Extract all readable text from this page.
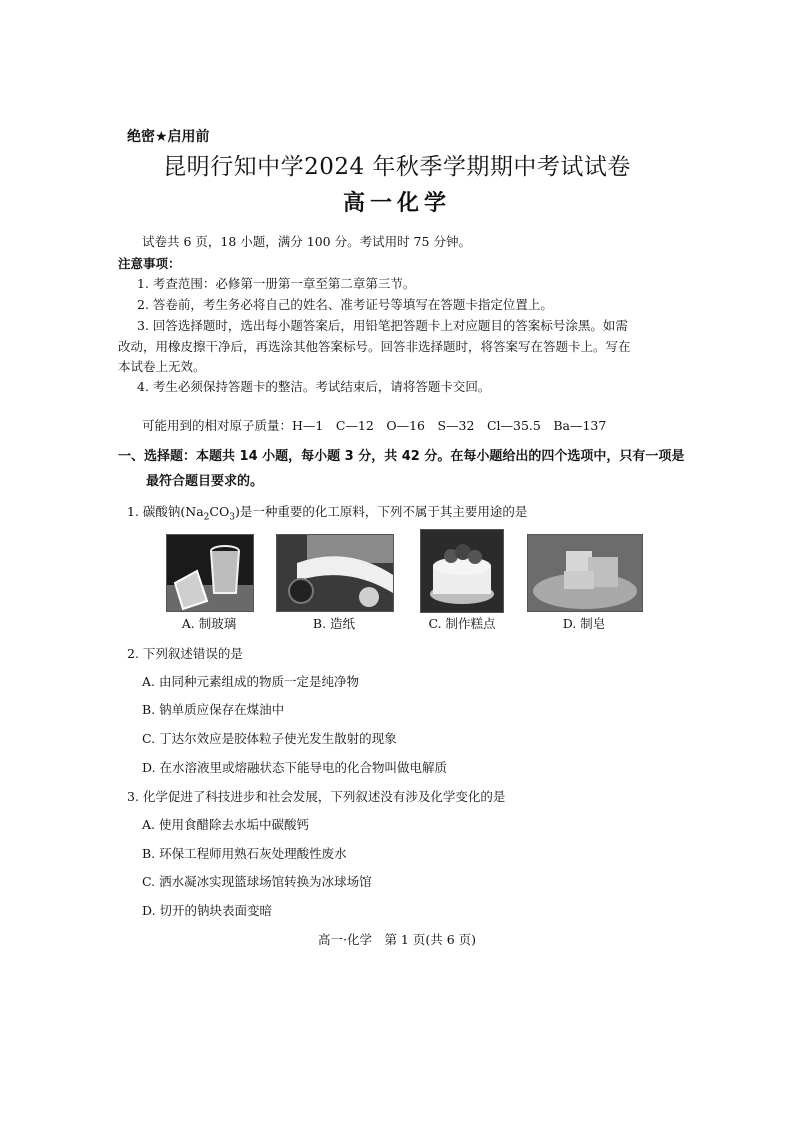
绝密★启用前
昆明行知中学2024 年秋季学期期中考试试卷
高一化学
试卷共 6 页，18 小题，满分 100 分。考试用时 75 分钟。
注意事项：
1. 考查范围：必修第一册第一章至第二章第三节。
2. 答卷前，考生务必将自己的姓名、准考证号等填写在答题卡指定位置上。
3. 回答选择题时，选出每小题答案后，用铅笔把答题卡上对应题目的答案标号涂黑。如需
改动，用橡皮擦干净后，再选涂其他答案标号。回答非选择题时，将答案写在答题卡上。写在
本试卷上无效。
4. 考生必须保持答题卡的整洁。考试结束后，请将答题卡交回。
可能用到的相对原子质量：H—1　C—12　O—16　S—32　Cl—35.5　Ba—137
一、选择题：本题共 14 小题，每小题 3 分，共 42 分。在每小题给出的四个选项中，只有一项是
最符合题目要求的。
1. 碳酸钠$(Na_2CO_3)$是一种重要的化工原料，下列不属于其主要用途的是
A. 制玻璃	B. 造纸	C. 制作糕点	D. 制皂
2. 下列叙述错误的是
A. 由同种元素组成的物质一定是纯净物
B. 钠单质应保存在煤油中
C. 丁达尔效应是胶体粒子使光发生散射的现象
D. 在水溶液里或熔融状态下能导电的化合物叫做电解质
3. 化学促进了科技进步和社会发展，下列叙述没有涉及化学变化的是
A. 使用食醋除去水垢中碳酸钙
B. 环保工程师用熟石灰处理酸性废水
C. 洒水凝冰实现篮球场馆转换为冰球场馆
D. 切开的钠块表面变暗
高一·化学　第 1 页(共 6 页)
